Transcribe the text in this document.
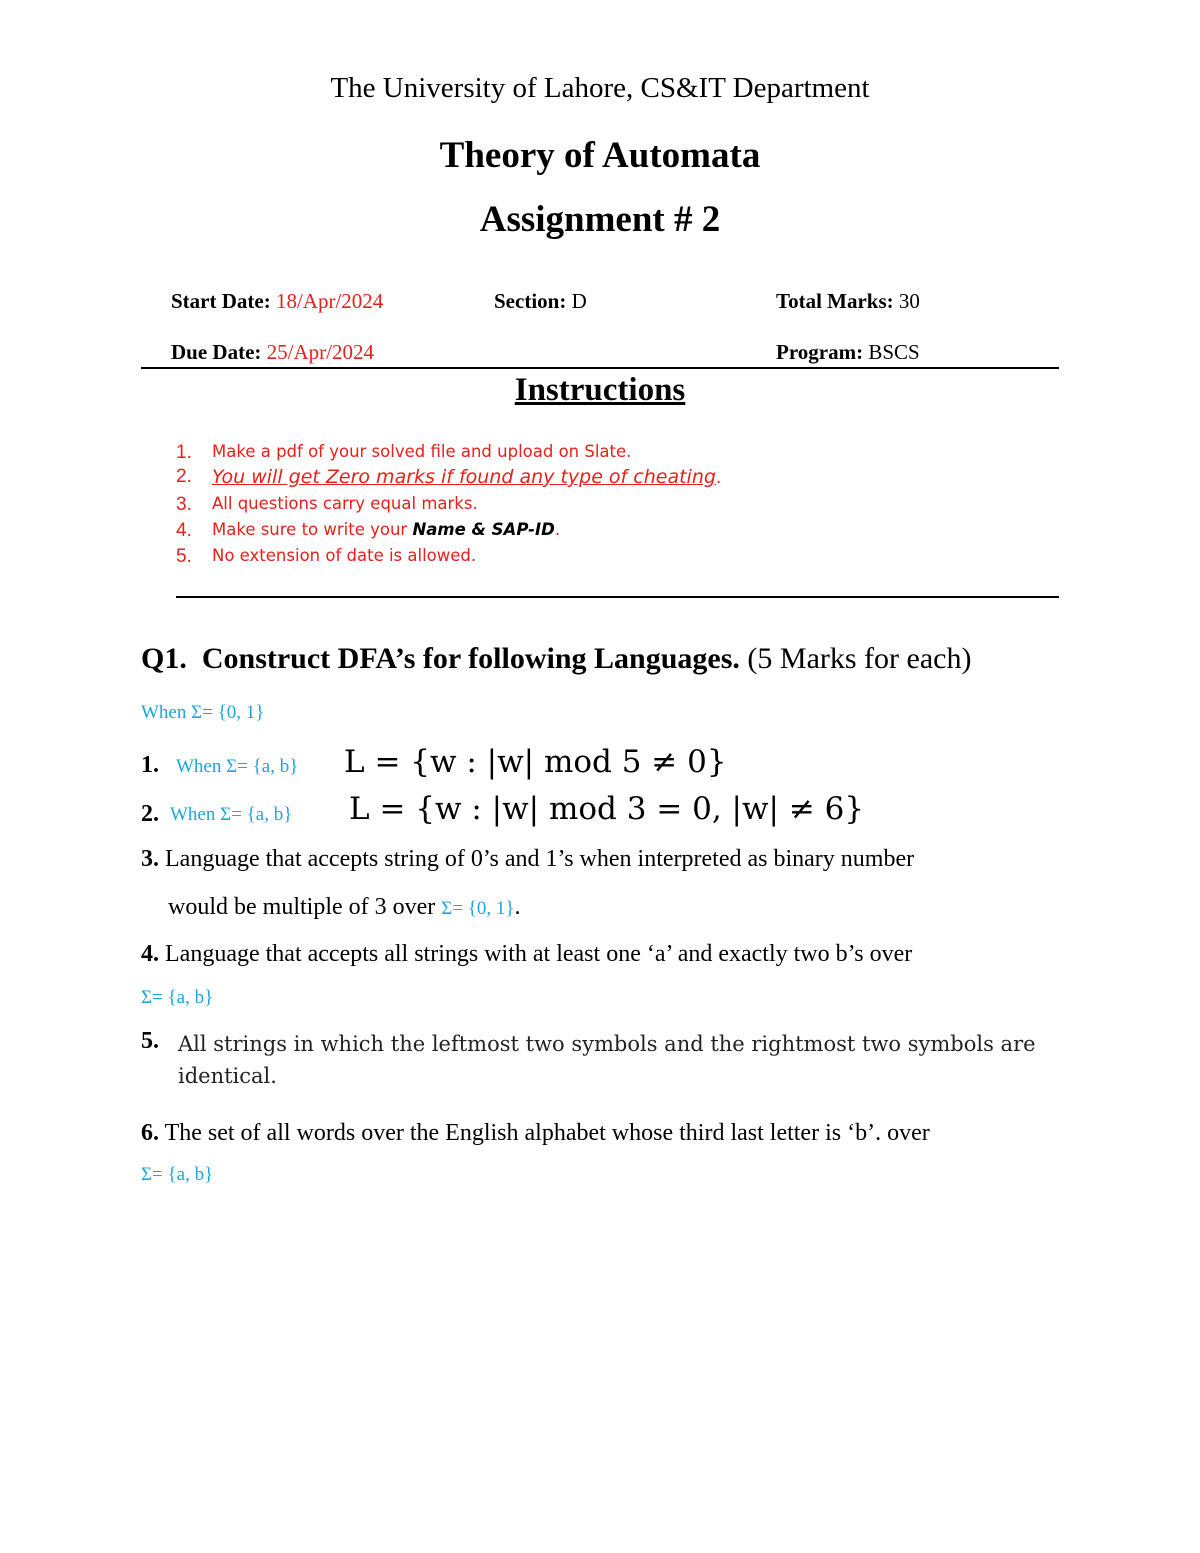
The University of Lahore, CS&IT Department
Theory of Automata
Assignment # 2
Start Date: 18/Apr/2024	Section: D	Total Marks: 30
Due Date: 25/Apr/2024	Program: BSCS
Instructions
1. Make a pdf of your solved file and upload on Slate.
2. You will get Zero marks if found any type of cheating.
3. All questions carry equal marks.
4. Make sure to write your Name & SAP-ID.
5. No extension of date is allowed.
Q1. Construct DFA’s for following Languages. (5 Marks for each)
When Σ= {0, 1}
1. When Σ= {a, b} L = {w : |w| mod 5 ≠ 0}
2. When Σ= {a, b} L = {w : |w| mod 3 = 0, |w| ≠ 6}
3. Language that accepts string of 0’s and 1’s when interpreted as binary number
would be multiple of 3 over Σ= {0, 1}.
4. Language that accepts all strings with at least one ‘a’ and exactly two b’s over
Σ= {a, b}
5. All strings in which the leftmost two symbols and the rightmost two symbols are
identical.
6. The set of all words over the English alphabet whose third last letter is ‘b’. over
Σ= {a, b}
